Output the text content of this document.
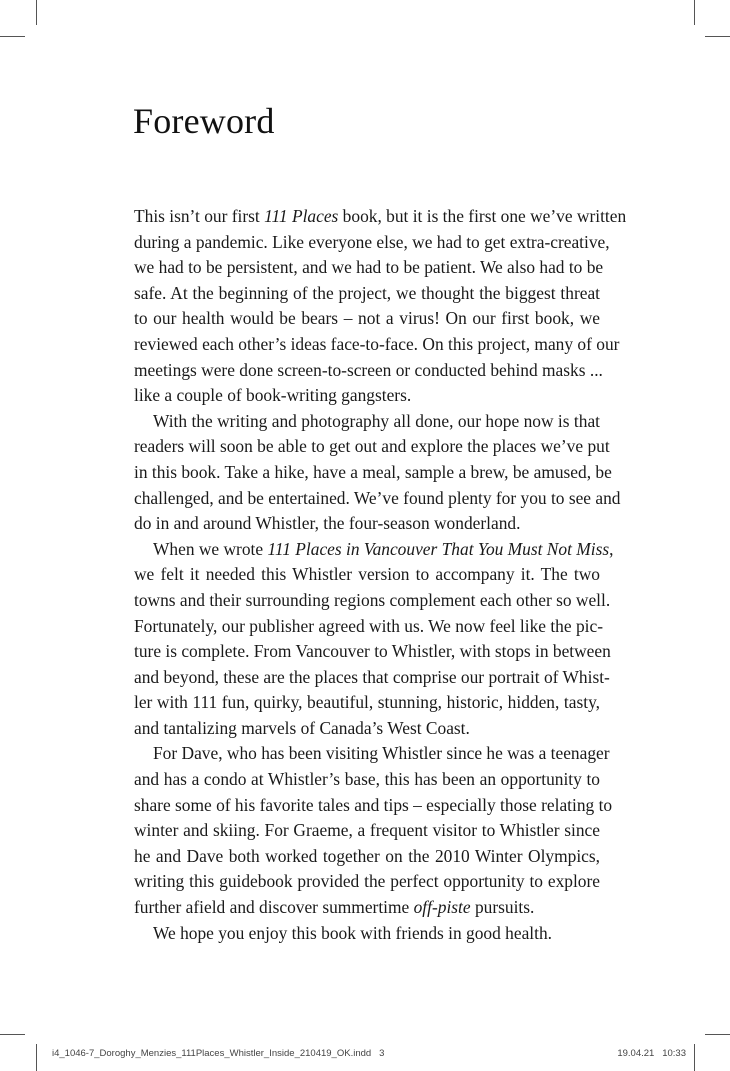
Foreword
This isn’t our first 111 Places book, but it is the first one we’ve written
during a pandemic. Like everyone else, we had to get extra-creative,
we had to be persistent, and we had to be patient. We also had to be
safe. At the beginning of the project, we thought the biggest threat
to our health would be bears – not a virus! On our first book, we
reviewed each other’s ideas face-to-face. On this project, many of our
meetings were done screen-to-screen or conducted behind masks ...
like a couple of book-writing gangsters.
With the writing and photography all done, our hope now is that
readers will soon be able to get out and explore the places we’ve put
in this book. Take a hike, have a meal, sample a brew, be amused, be
challenged, and be entertained. We’ve found plenty for you to see and
do in and around Whistler, the four-season wonderland.
When we wrote 111 Places in Vancouver That You Must Not Miss,
we felt it needed this Whistler version to accompany it. The two
towns and their surrounding regions complement each other so well.
Fortunately, our publisher agreed with us. We now feel like the pic-
ture is complete. From Vancouver to Whistler, with stops in between
and beyond, these are the places that comprise our portrait of Whist-
ler with 111 fun, quirky, beautiful, stunning, historic, hidden, tasty,
and tantalizing marvels of Canada’s West Coast.
For Dave, who has been visiting Whistler since he was a teenager
and has a condo at Whistler’s base, this has been an opportunity to
share some of his favorite tales and tips – especially those relating to
winter and skiing. For Graeme, a frequent visitor to Whistler since
he and Dave both worked together on the 2010 Winter Olympics,
writing this guidebook provided the perfect opportunity to explore
further afield and discover summertime off-piste pursuits.
We hope you enjoy this book with friends in good health.
i4_1046-7_Doroghy_Menzies_111Places_Whistler_Inside_210419_OK.indd   3	19.04.21   10:33
